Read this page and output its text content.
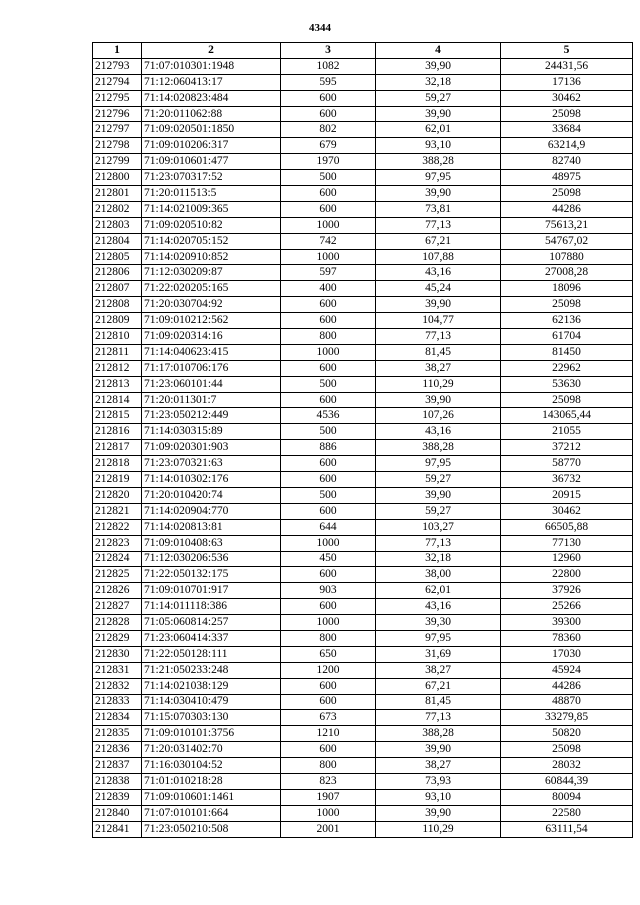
4344
1	2	3	4	5
212793	71:07:010301:1948	1082	39,90	24431,56
212794	71:12:060413:17	595	32,18	17136
212795	71:14:020823:484	600	59,27	30462
212796	71:20:011062:88	600	39,90	25098
212797	71:09:020501:1850	802	62,01	33684
212798	71:09:010206:317	679	93,10	63214,9
212799	71:09:010601:477	1970	388,28	82740
212800	71:23:070317:52	500	97,95	48975
212801	71:20:011513:5	600	39,90	25098
212802	71:14:021009:365	600	73,81	44286
212803	71:09:020510:82	1000	77,13	75613,21
212804	71:14:020705:152	742	67,21	54767,02
212805	71:14:020910:852	1000	107,88	107880
212806	71:12:030209:87	597	43,16	27008,28
212807	71:22:020205:165	400	45,24	18096
212808	71:20:030704:92	600	39,90	25098
212809	71:09:010212:562	600	104,77	62136
212810	71:09:020314:16	800	77,13	61704
212811	71:14:040623:415	1000	81,45	81450
212812	71:17:010706:176	600	38,27	22962
212813	71:23:060101:44	500	110,29	53630
212814	71:20:011301:7	600	39,90	25098
212815	71:23:050212:449	4536	107,26	143065,44
212816	71:14:030315:89	500	43,16	21055
212817	71:09:020301:903	886	388,28	37212
212818	71:23:070321:63	600	97,95	58770
212819	71:14:010302:176	600	59,27	36732
212820	71:20:010420:74	500	39,90	20915
212821	71:14:020904:770	600	59,27	30462
212822	71:14:020813:81	644	103,27	66505,88
212823	71:09:010408:63	1000	77,13	77130
212824	71:12:030206:536	450	32,18	12960
212825	71:22:050132:175	600	38,00	22800
212826	71:09:010701:917	903	62,01	37926
212827	71:14:011118:386	600	43,16	25266
212828	71:05:060814:257	1000	39,30	39300
212829	71:23:060414:337	800	97,95	78360
212830	71:22:050128:111	650	31,69	17030
212831	71:21:050233:248	1200	38,27	45924
212832	71:14:021038:129	600	67,21	44286
212833	71:14:030410:479	600	81,45	48870
212834	71:15:070303:130	673	77,13	33279,85
212835	71:09:010101:3756	1210	388,28	50820
212836	71:20:031402:70	600	39,90	25098
212837	71:16:030104:52	800	38,27	28032
212838	71:01:010218:28	823	73,93	60844,39
212839	71:09:010601:1461	1907	93,10	80094
212840	71:07:010101:664	1000	39,90	22580
212841	71:23:050210:508	2001	110,29	63111,54
